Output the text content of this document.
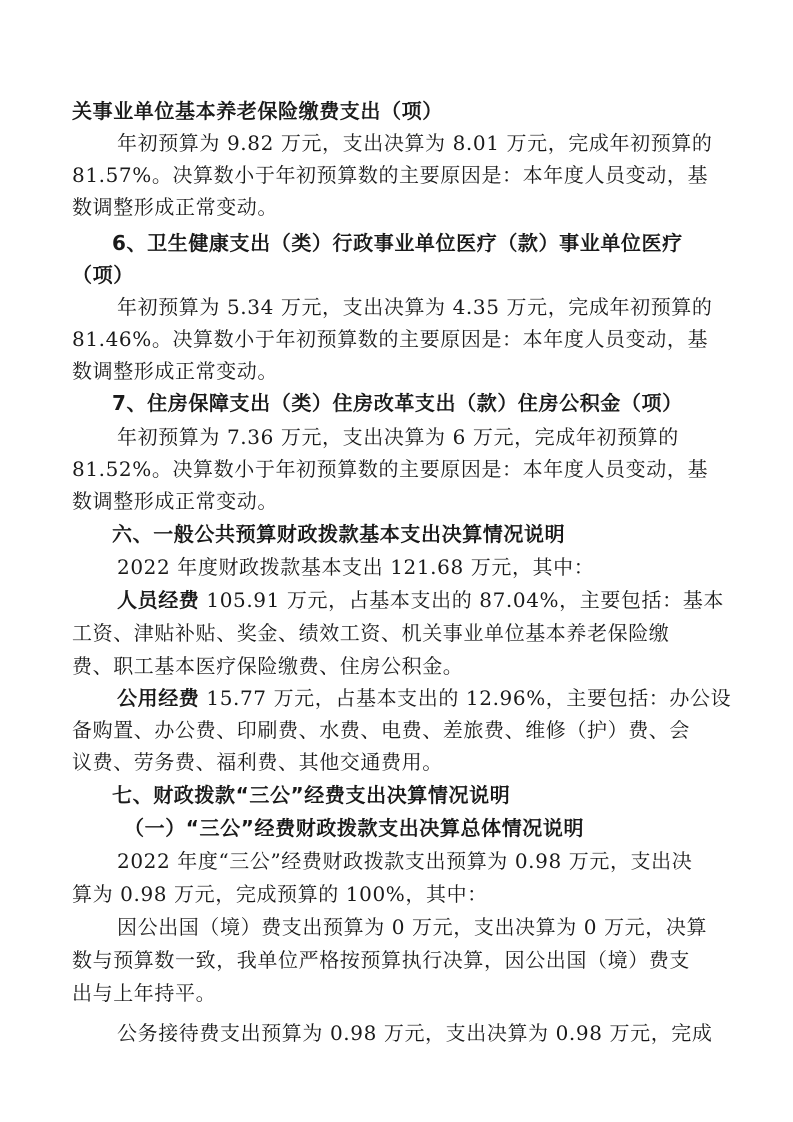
关事业单位基本养老保险缴费支出（项）
年初预算为 9.82 万元，支出决算为 8.01 万元，完成年初预算的
81.57%。决算数小于年初预算数的主要原因是：本年度人员变动，基
数调整形成正常变动。
6、卫生健康支出（类）行政事业单位医疗（款）事业单位医疗
（项）
年初预算为 5.34 万元，支出决算为 4.35 万元，完成年初预算的
81.46%。决算数小于年初预算数的主要原因是：本年度人员变动，基
数调整形成正常变动。
7、住房保障支出（类）住房改革支出（款）住房公积金（项）
年初预算为 7.36 万元，支出决算为 6 万元，完成年初预算的
81.52%。决算数小于年初预算数的主要原因是：本年度人员变动，基
数调整形成正常变动。
六、一般公共预算财政拨款基本支出决算情况说明
2022 年度财政拨款基本支出 121.68 万元，其中：
人员经费 105.91 万元，占基本支出的 87.04%，主要包括：基本
工资、津贴补贴、奖金、绩效工资、机关事业单位基本养老保险缴
费、职工基本医疗保险缴费、住房公积金。
公用经费 15.77 万元，占基本支出的 12.96%，主要包括：办公设
备购置、办公费、印刷费、水费、电费、差旅费、维修（护）费、会
议费、劳务费、福利费、其他交通费用。
七、财政拨款“三公”经费支出决算情况说明
（一）“三公”经费财政拨款支出决算总体情况说明
2022 年度“三公”经费财政拨款支出预算为 0.98 万元，支出决
算为 0.98 万元，完成预算的 100%，其中：
因公出国（境）费支出预算为 0 万元，支出决算为 0 万元，决算
数与预算数一致，我单位严格按预算执行决算，因公出国（境）费支
出与上年持平。
公务接待费支出预算为 0.98 万元，支出决算为 0.98 万元，完成
